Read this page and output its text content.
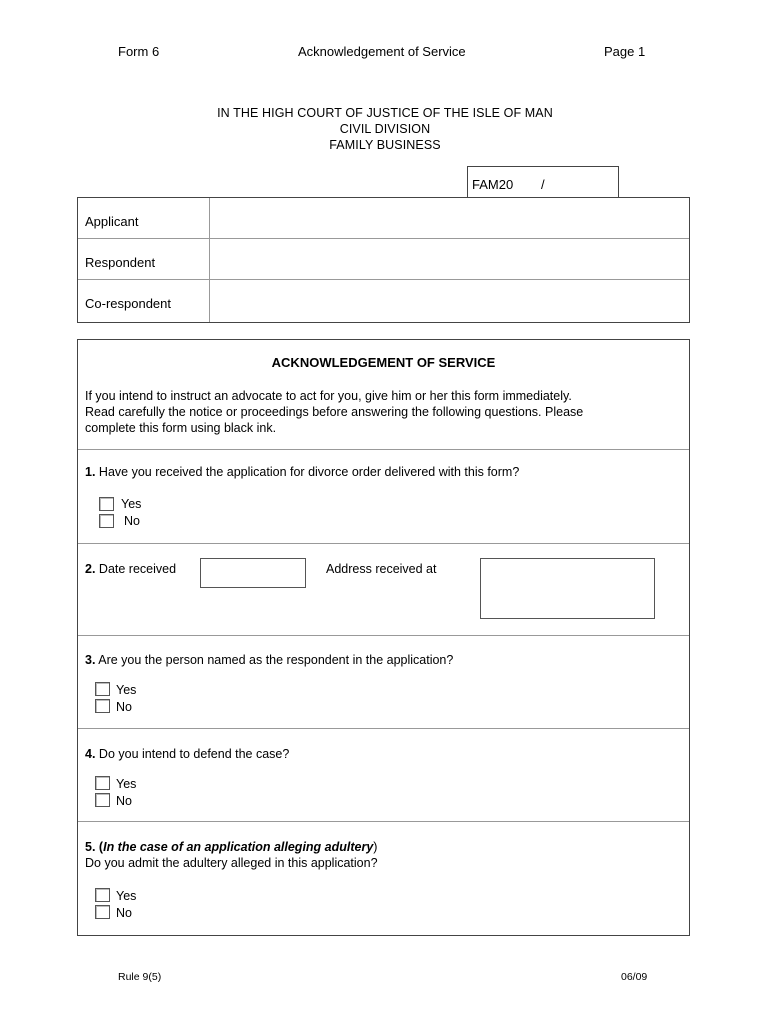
Form 6	Acknowledgement of Service	Page 1
IN THE HIGH COURT OF JUSTICE OF THE ISLE OF MAN
CIVIL DIVISION
FAMILY BUSINESS
FAM20 /
Applicant
Respondent
Co-respondent
ACKNOWLEDGEMENT OF SERVICE
If you intend to instruct an advocate to act for you, give him or her this form immediately.
Read carefully the notice or proceedings before answering the following questions. Please
complete this form using black ink.
1. Have you received the application for divorce order delivered with this form?
Yes
No
2. Date received	Address received at
3. Are you the person named as the respondent in the application?
Yes
No
4. Do you intend to defend the case?
Yes
No
5. (In the case of an application alleging adultery)
Do you admit the adultery alleged in this application?
Yes
No
Rule 9(5)	06/09
